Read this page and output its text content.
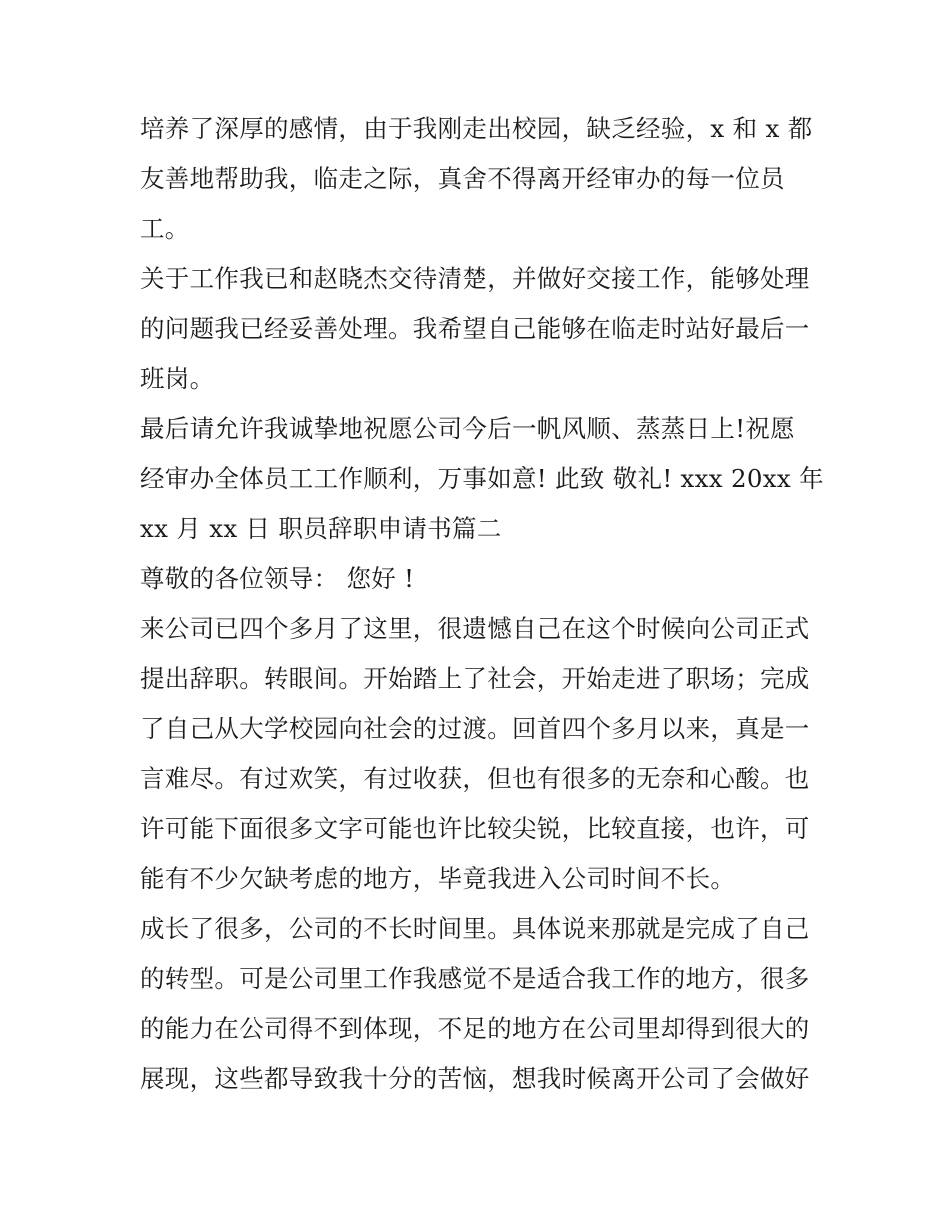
培养了深厚的感情，由于我刚走出校园，缺乏经验，x 和 x 都
友善地帮助我，临走之际，真舍不得离开经审办的每一位员
工。
关于工作我已和赵晓杰交待清楚，并做好交接工作，能够处理
的问题我已经妥善处理。我希望自己能够在临走时站好最后一
班岗。
最后请允许我诚挚地祝愿公司今后一帆风顺、蒸蒸日上!祝愿
经审办全体员工工作顺利，万事如意! 此致 敬礼! xxx 20xx 年
xx 月 xx 日 职员辞职申请书篇二
尊敬的各位领导： 您好 !
来公司已四个多月了这里，很遗憾自己在这个时候向公司正式
提出辞职。转眼间。开始踏上了社会，开始走进了职场；完成
了自己从大学校园向社会的过渡。回首四个多月以来，真是一
言难尽。有过欢笑，有过收获，但也有很多的无奈和心酸。也
许可能下面很多文字可能也许比较尖锐，比较直接，也许，可
能有不少欠缺考虑的地方，毕竟我进入公司时间不长。
成长了很多，公司的不长时间里。具体说来那就是完成了自己
的转型。可是公司里工作我感觉不是适合我工作的地方，很多
的能力在公司得不到体现，不足的地方在公司里却得到很大的
展现，这些都导致我十分的苦恼，想我时候离开公司了会做好
